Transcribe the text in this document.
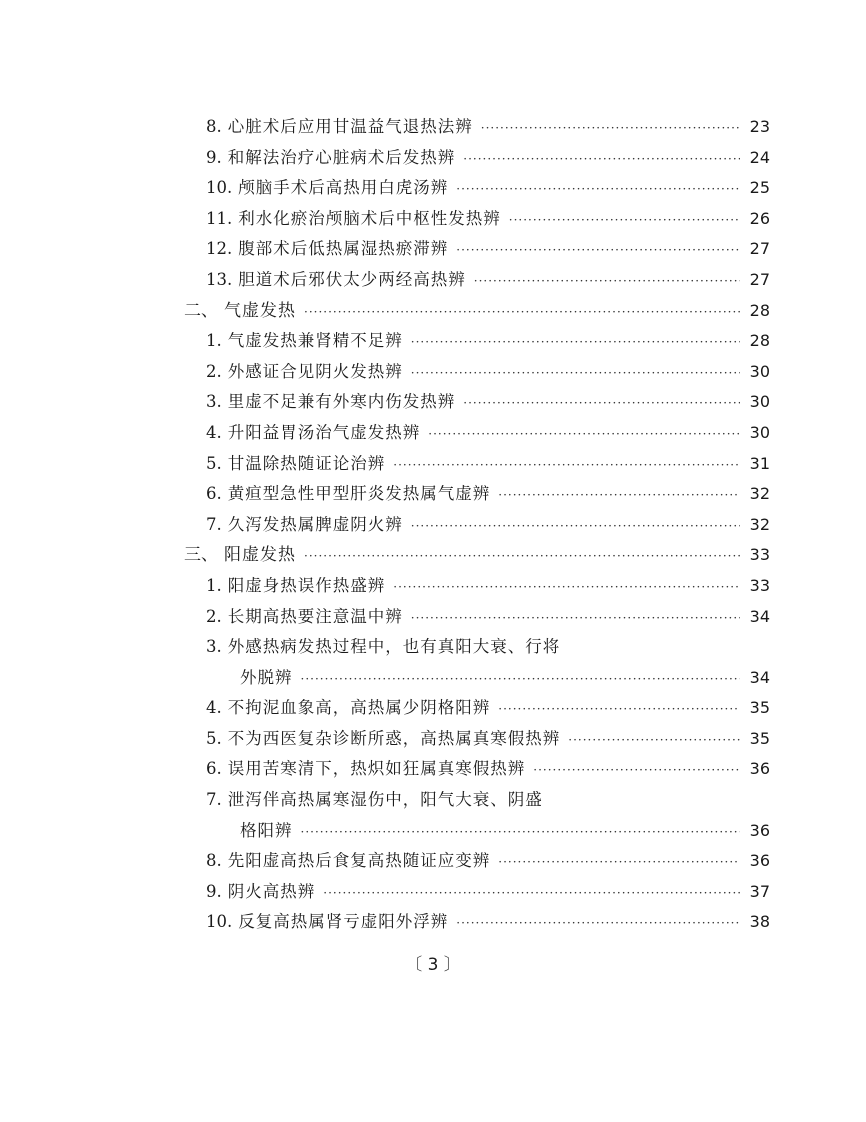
8. 心脏术后应用甘温益气退热法辨 ·····	23
9. 和解法治疗心脏病术后发热辨 ·····	24
10. 颅脑手术后高热用白虎汤辨 ·····	25
11. 利水化瘀治颅脑术后中枢性发热辨 ·····	26
12. 腹部术后低热属湿热瘀滞辨 ·····	27
13. 胆道术后邪伏太少两经高热辨 ·····	27
二、 气虚发热 ·····	28
1. 气虚发热兼肾精不足辨 ·····	28
2. 外感证合见阴火发热辨 ·····	30
3. 里虚不足兼有外寒内伤发热辨 ·····	30
4. 升阳益胃汤治气虚发热辨 ·····	30
5. 甘温除热随证论治辨 ·····	31
6. 黄疸型急性甲型肝炎发热属气虚辨 ·····	32
7. 久泻发热属脾虚阴火辨 ·····	32
三、 阳虚发热 ·····	33
1. 阳虚身热误作热盛辨 ·····	33
2. 长期高热要注意温中辨 ·····	34
3. 外感热病发热过程中，也有真阳大衰、行将
外脱辨 ·····	34
4. 不拘泥血象高，高热属少阴格阳辨 ·····	35
5. 不为西医复杂诊断所惑，高热属真寒假热辨 ·····	35
6. 误用苦寒清下，热炽如狂属真寒假热辨 ·····	36
7. 泄泻伴高热属寒湿伤中，阳气大衰、阴盛
格阳辨 ·····	36
8. 先阳虚高热后食复高热随证应变辨 ·····	36
9. 阴火高热辨 ·····	37
10. 反复高热属肾亏虚阳外浮辨 ·····	38
〔 3 〕
